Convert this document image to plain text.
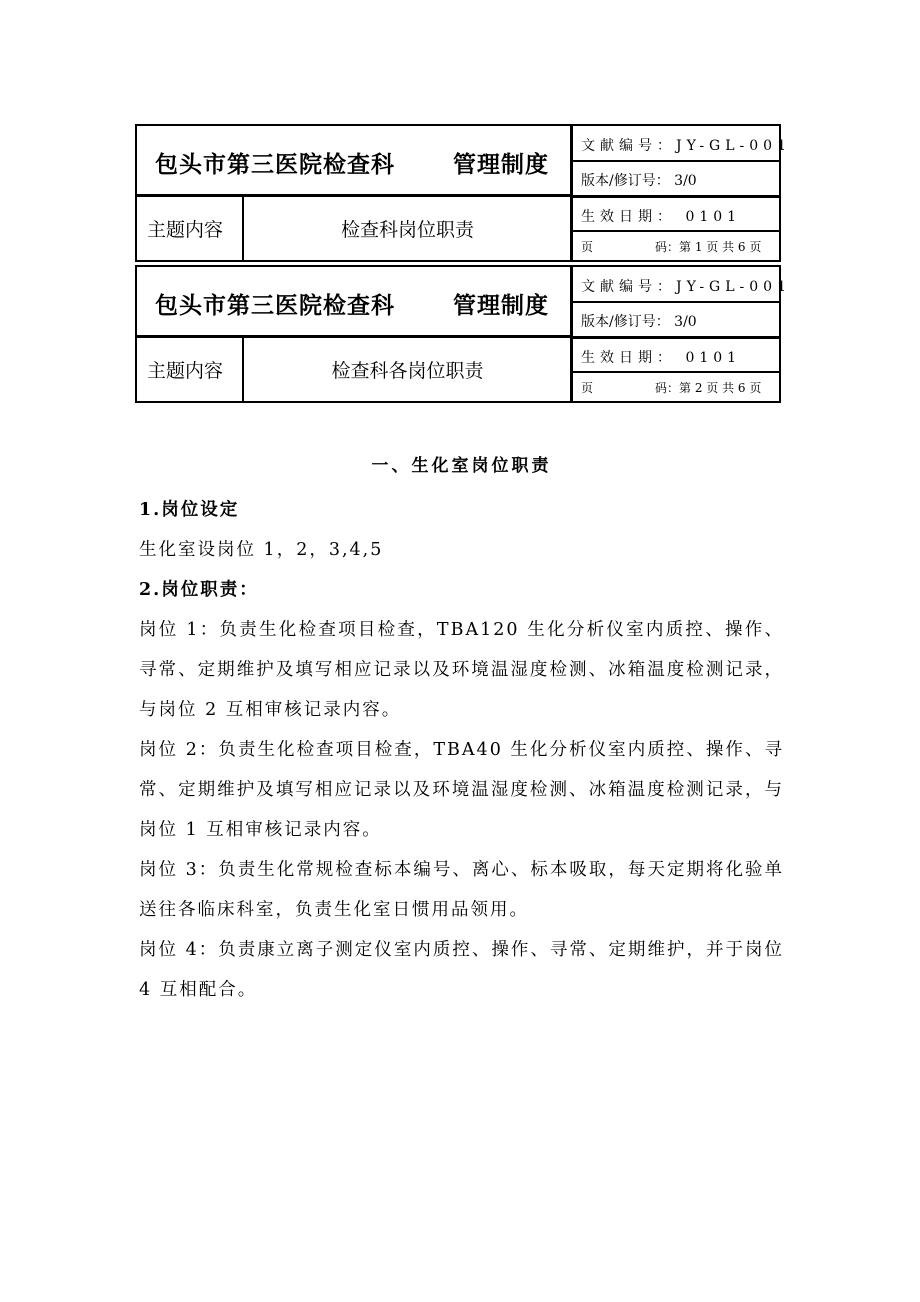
包头市第三医院检查科	管理制度
主题内容	检查科岗位职责
文献编号：JY-GL-001
版本/修订号： 3/0
生效日期： 0101
页	码：第 1 页 共 6 页
包头市第三医院检查科	管理制度
主题内容	检查科各岗位职责
文献编号：JY-GL-001
版本/修订号： 3/0
生效日期： 0101
页	码：第 2 页 共 6 页
一、生化室岗位职责
1.岗位设定
生化室设岗位 1，2，3,4,5
2.岗位职责：
岗位 1：负责生化检查项目检查，TBA120 生化分析仪室内质控、操作、寻常、定期维护及填写相应记录以及环境温湿度检测、冰箱温度检测记录，与岗位 2 互相审核记录内容。
岗位 2：负责生化检查项目检查，TBA40 生化分析仪室内质控、操作、寻常、定期维护及填写相应记录以及环境温湿度检测、冰箱温度检测记录，与岗位 1 互相审核记录内容。
岗位 3：负责生化常规检查标本编号、离心、标本吸取，每天定期将化验单送往各临床科室，负责生化室日惯用品领用。
岗位 4：负责康立离子测定仪室内质控、操作、寻常、定期维护，并于岗位 4 互相配合。
